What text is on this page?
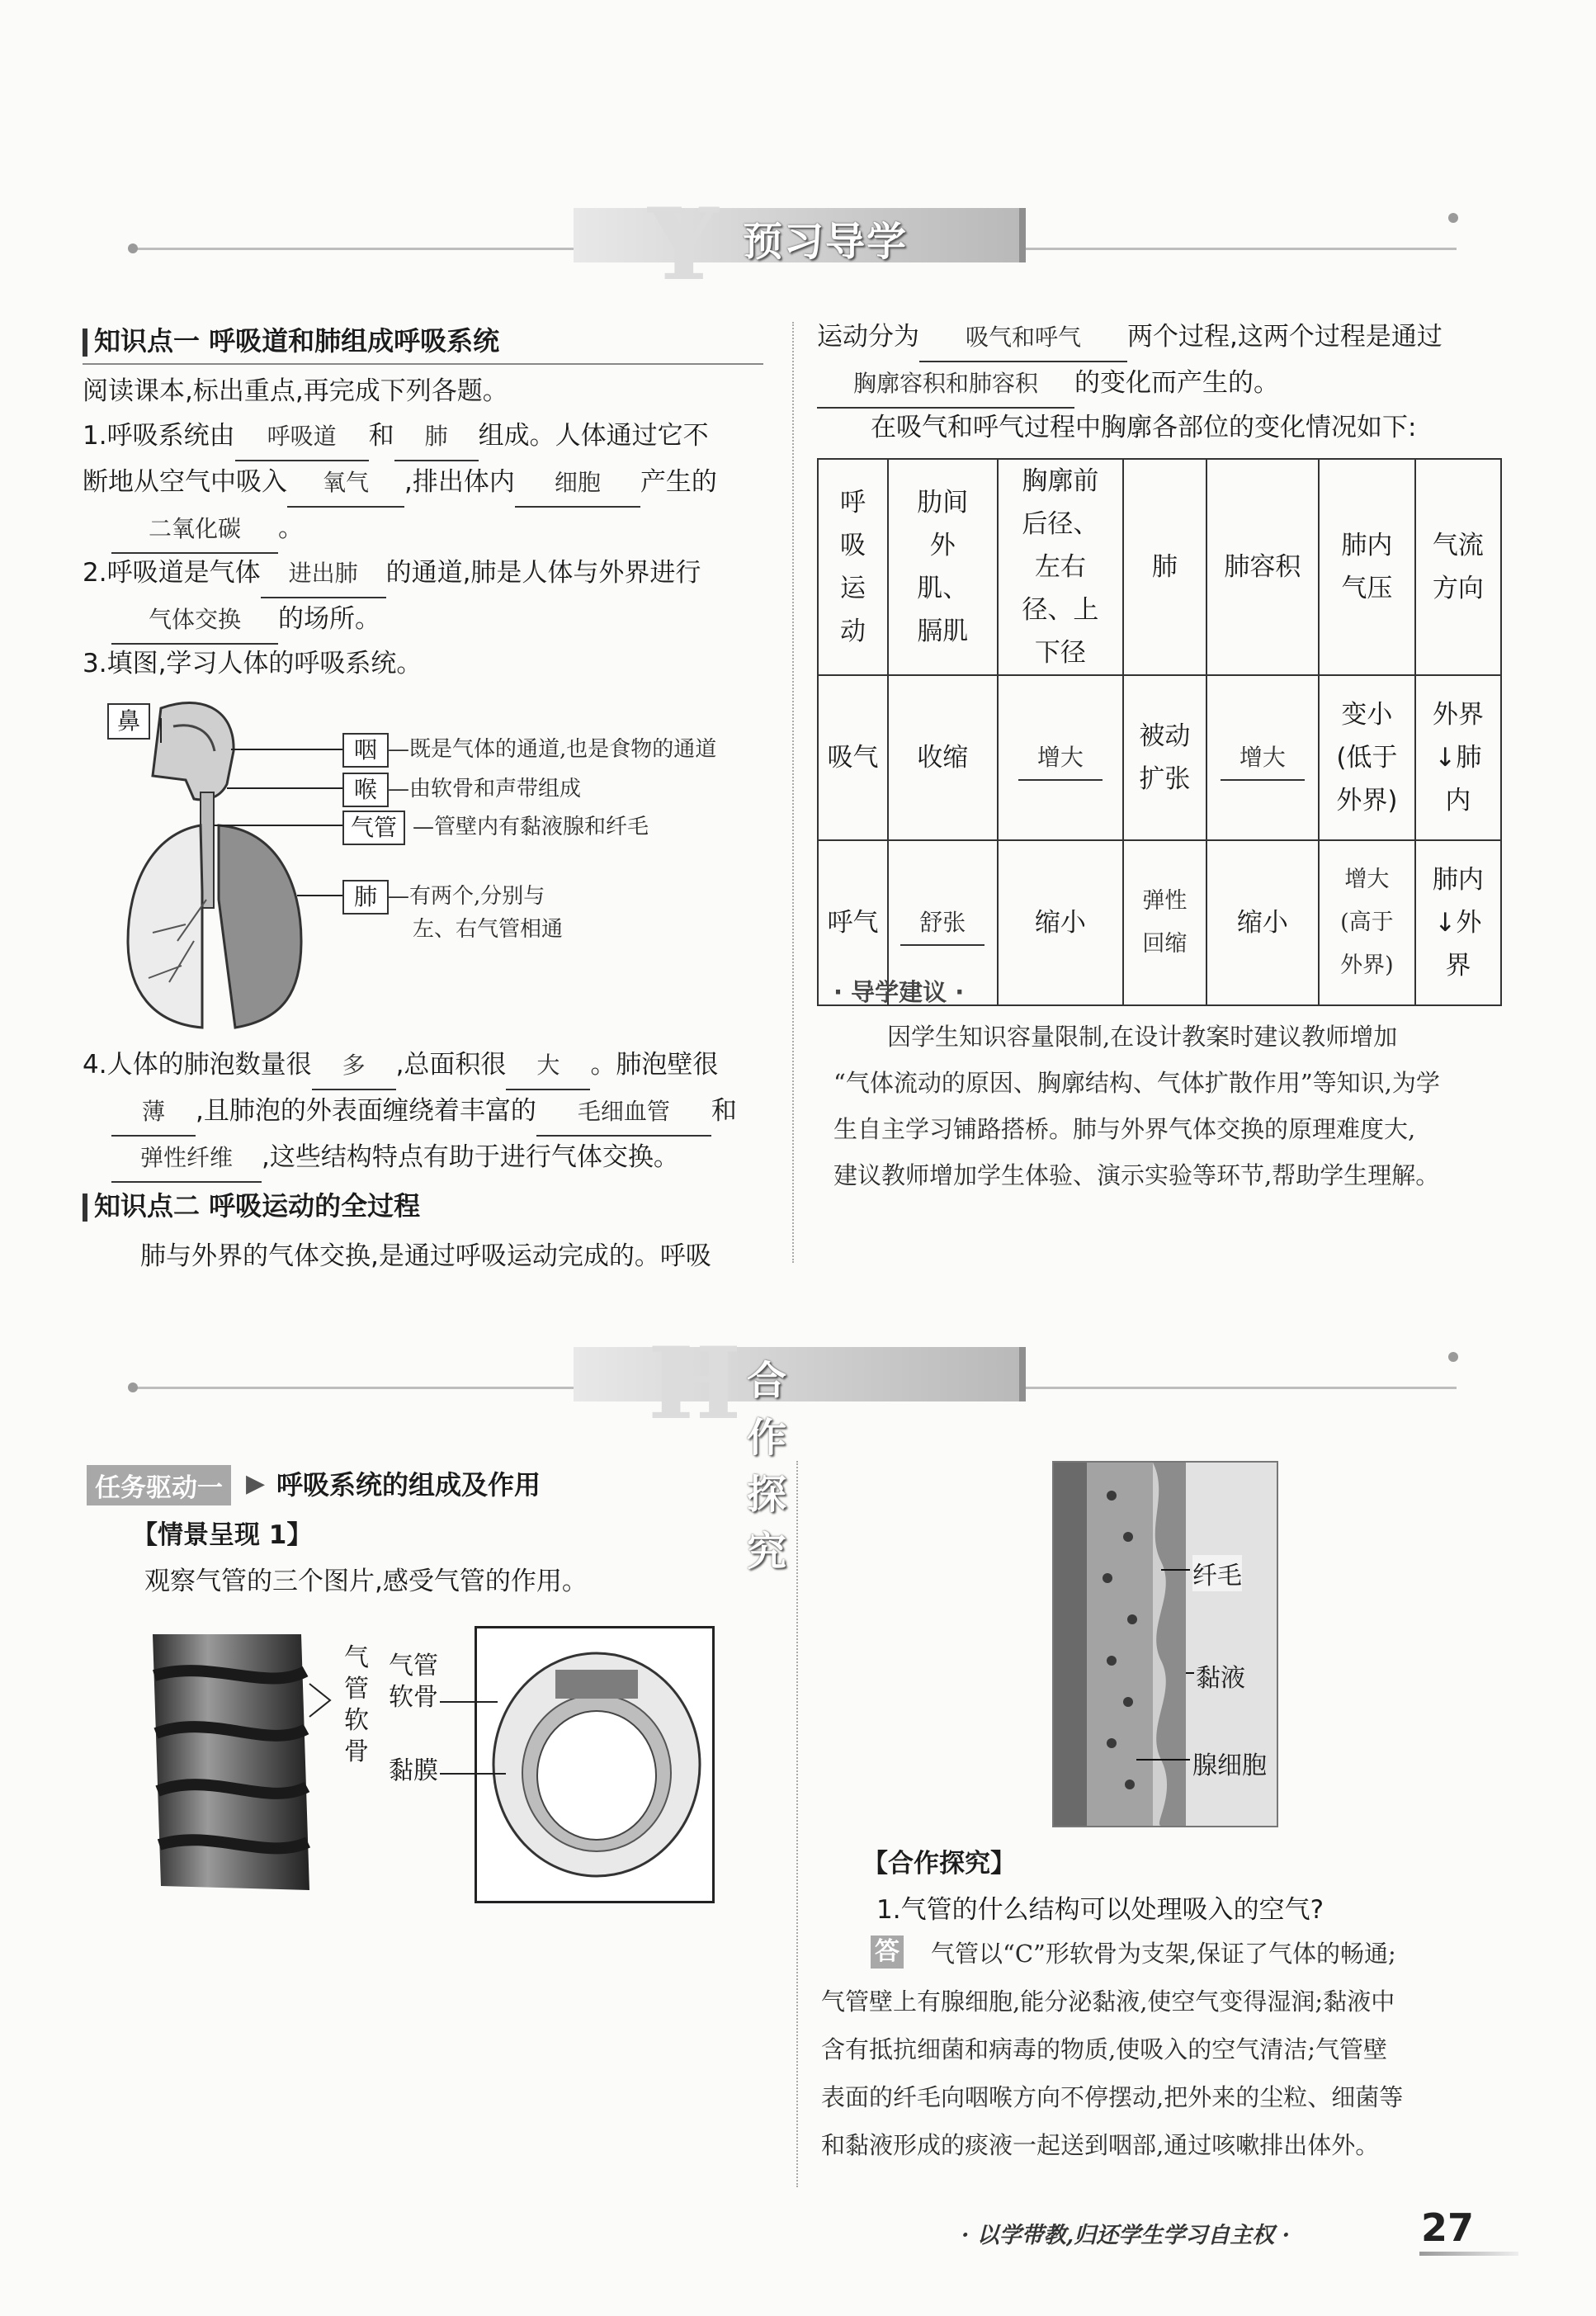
Y 预习导学
知识点一 呼吸道和肺组成呼吸系统
阅读课本,标出重点,再完成下列各题。
1.呼吸系统由 呼吸道 和 肺 组成。人体通过它不
断地从空气中吸入 氧气 ,排出体内 细胞 产生的
二氧化碳 。
2.呼吸道是气体 进出肺 的通道,肺是人体与外界进行
气体交换 的场所。
3.填图,学习人体的呼吸系统。
鼻
咽 —既是气体的通道,也是食物的通道
喉 —由软骨和声带组成
气管 —管壁内有黏液腺和纤毛
肺 —有两个,分别与
左、右气管相通
4.人体的肺泡数量很 多 ,总面积很 大 。肺泡壁很
薄 ,且肺泡的外表面缠绕着丰富的 毛细血管 和
弹性纤维 ,这些结构特点有助于进行气体交换。
知识点二 呼吸运动的全过程
肺与外界的气体交换,是通过呼吸运动完成的。呼吸
运动分为 吸气和呼气 两个过程,这两个过程是通过
胸廓容积和肺容积 的变化而产生的。
在吸气和呼气过程中胸廓各部位的变化情况如下:
呼吸运动	肋间外肌、膈肌	胸廓前后径、左右径、上下径	肺	肺容积	肺内气压	气流方向

吸气	收缩	增大	被动扩张	增大	变小(低于外界)	外界↓肺内

呼气	舒张	缩小	弹性回缩	缩小	增大(高于外界)	肺内↓外界
· 导学建议 ·
因学生知识容量限制,在设计教案时建议教师增加
“气体流动的原因、胸廓结构、气体扩散作用”等知识,为学
生自主学习铺路搭桥。肺与外界气体交换的原理难度大,
建议教师增加学生体验、演示实验等环节,帮助学生理解。
H 合作探究
任务驱动一 ▶ 呼吸系统的组成及作用
【情景呈现 1】
观察气管的三个图片,感受气管的作用。
气
管
软
骨
气管
软骨
黏膜
纤毛
黏液
腺细胞
【合作探究】
1.气管的什么结构可以处理吸入的空气?
答 气管以“C”形软骨为支架,保证了气体的畅通;
气管壁上有腺细胞,能分泌黏液,使空气变得湿润;黏液中
含有抵抗细菌和病毒的物质,使吸入的空气清洁;气管壁
表面的纤毛向咽喉方向不停摆动,把外来的尘粒、细菌等
和黏液形成的痰液一起送到咽部,通过咳嗽排出体外。
· 以学带教,归还学生学习自主权 ·	27
